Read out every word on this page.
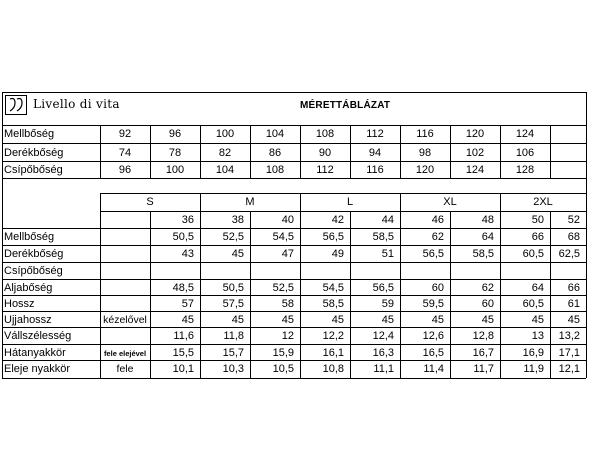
Livello di vita	MÉRETTÁBLÁZAT
Mellbőség	92	96	100	104	108	112	116	120	124
Derékbőség	74	78	82	86	90	94	98	102	106
Csípőbőség	96	100	104	108	112	116	120	124	128
S	M	L	XL	2XL
36	38	40	42	44	46	48	50	52
Mellbőség	50,5	52,5	54,5	56,5	58,5	62	64	66	68
Derékbőség	43	45	47	49	51	56,5	58,5	60,5	62,5
Csípőbőség
Aljabőség	48,5	50,5	52,5	54,5	56,5	60	62	64	66
Hossz	57	57,5	58	58,5	59	59,5	60	60,5	61
Ujjahossz	kézelővel	45	45	45	45	45	45	45	45	45
Vállszélesség	11,6	11,8	12	12,2	12,4	12,6	12,8	13	13,2
Hátanyakkör	fele elejével	15,5	15,7	15,9	16,1	16,3	16,5	16,7	16,9	17,1
Eleje nyakkör	fele	10,1	10,3	10,5	10,8	11,1	11,4	11,7	11,9	12,1
